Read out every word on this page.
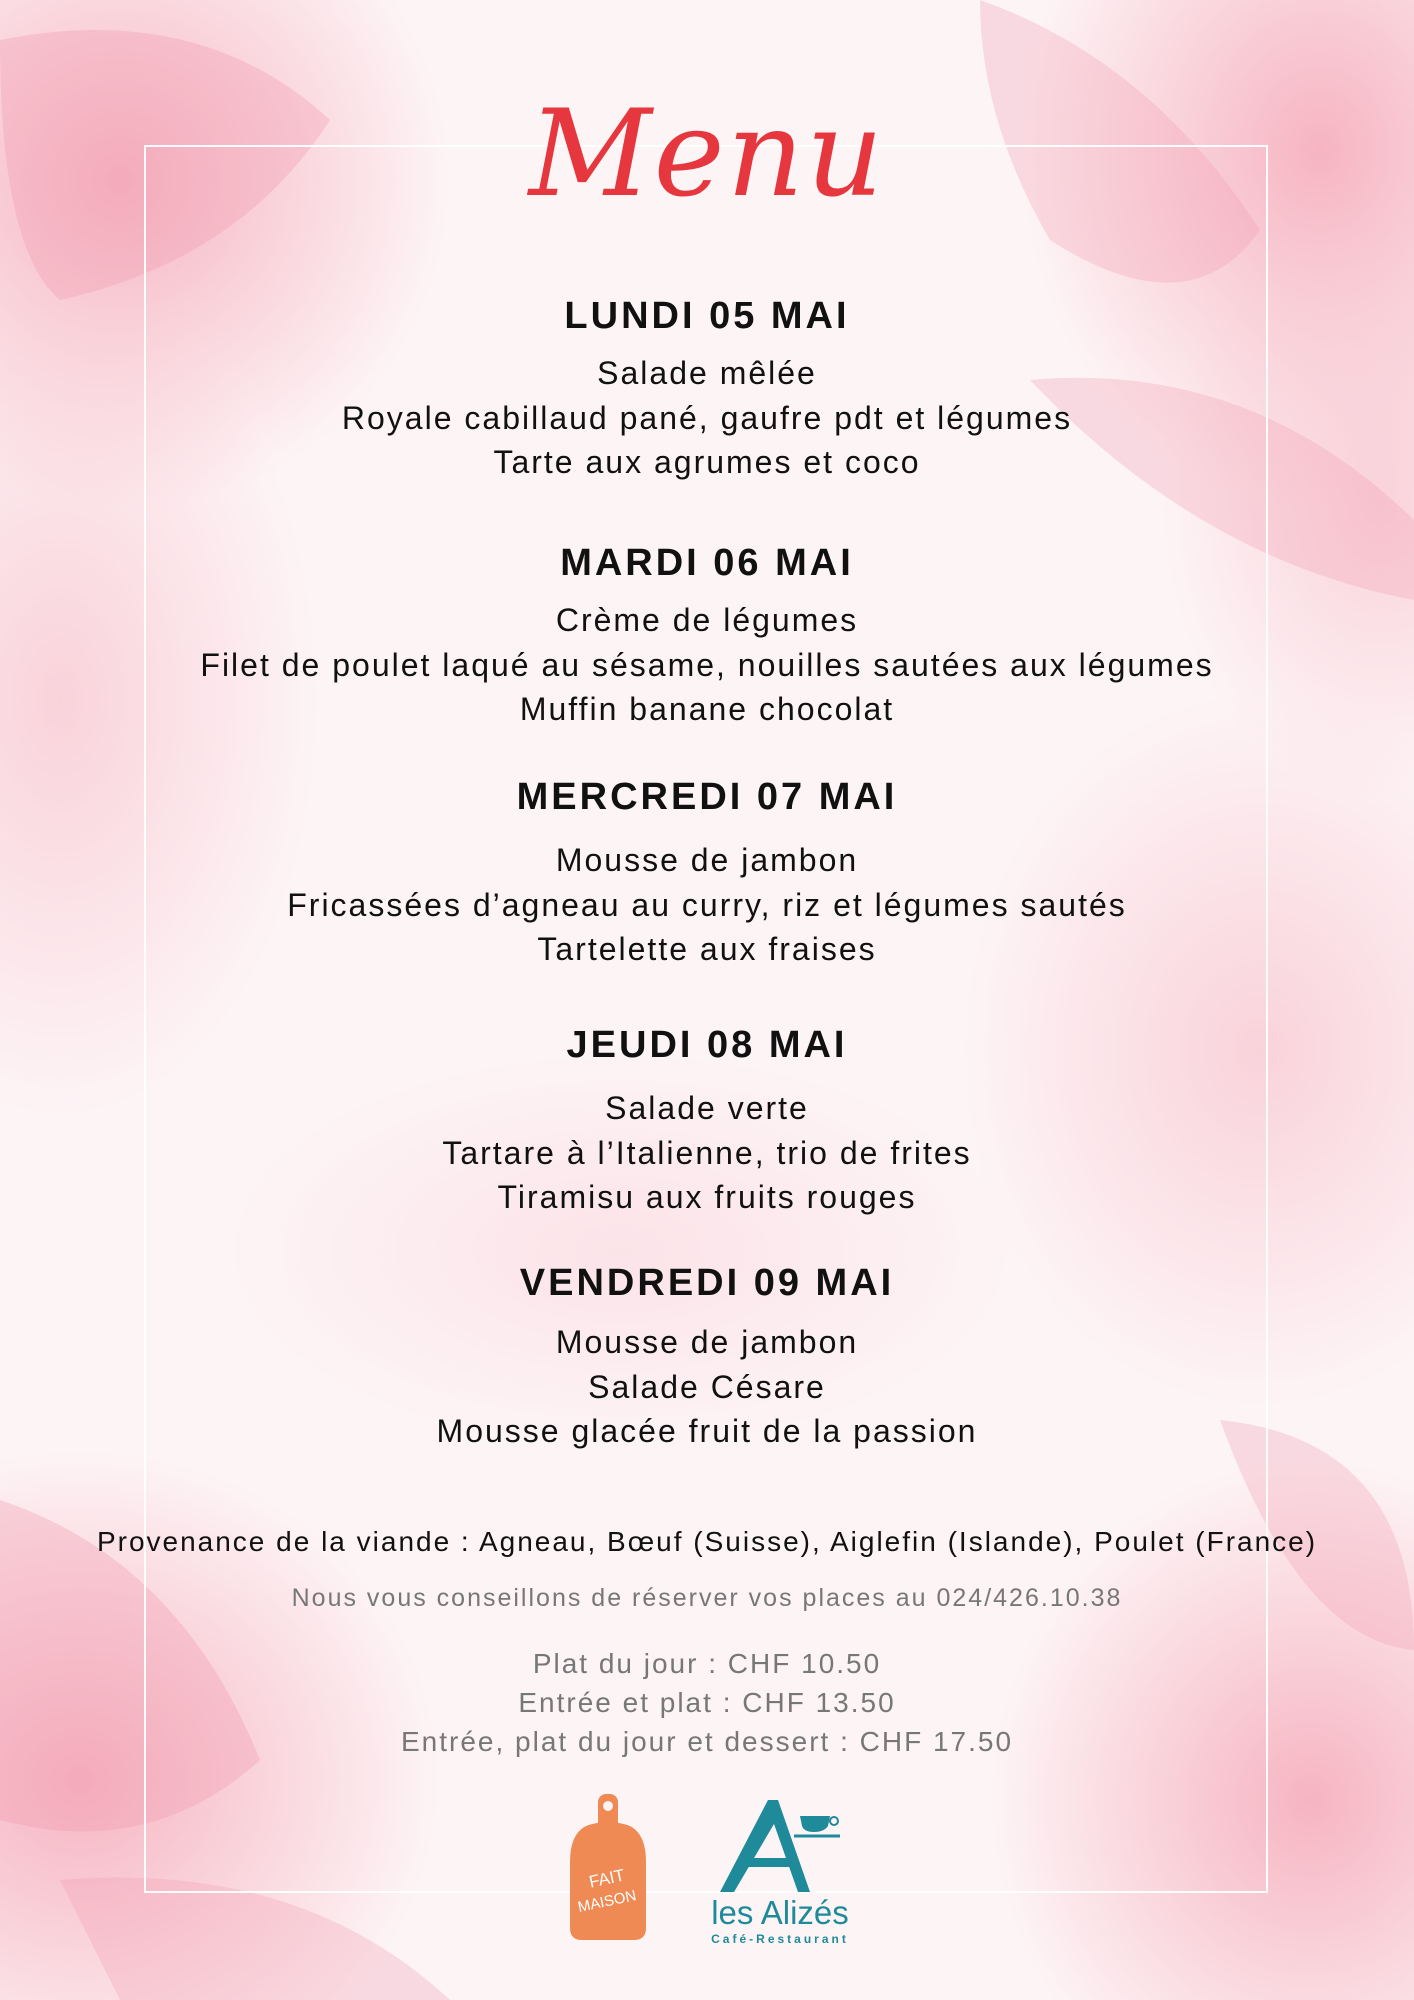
Menu
LUNDI 05 MAI
Salade mêlée
Royale cabillaud pané, gaufre pdt et légumes
Tarte aux agrumes et coco
MARDI 06 MAI
Crème de légumes
Filet de poulet laqué au sésame, nouilles sautées aux légumes
Muffin banane chocolat
MERCREDI 07 MAI
Mousse de jambon
Fricassées d’agneau au curry, riz et légumes sautés
Tartelette aux fraises
JEUDI 08 MAI
Salade verte
Tartare à l’Italienne, trio de frites
Tiramisu aux fruits rouges
VENDREDI 09 MAI
Mousse de jambon
Salade Césare
Mousse glacée fruit de la passion
Provenance de la viande : Agneau, Bœuf (Suisse), Aiglefin (Islande), Poulet (France)
Nous vous conseillons de réserver vos places au 024/426.10.38
Plat du jour : CHF 10.50
Entrée et plat : CHF 13.50
Entrée, plat du jour et dessert : CHF 17.50
FAIT
MAISON	les Alizés
Café-Restaurant
